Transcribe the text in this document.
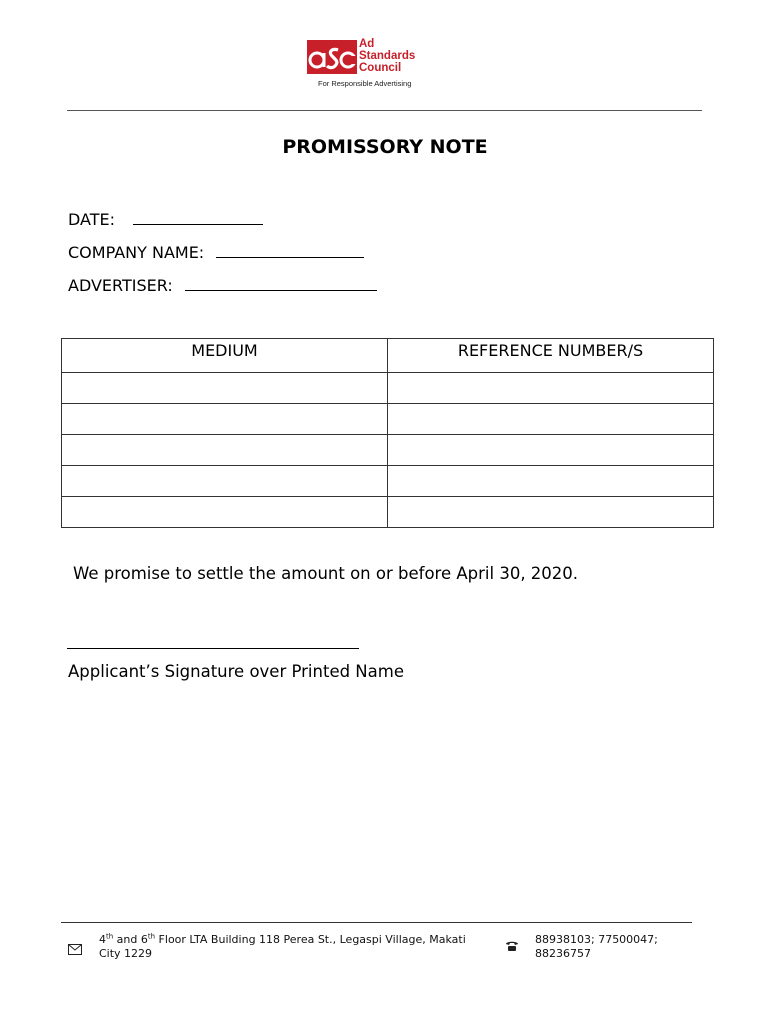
Ad
Standards
Council
For Responsible Advertising
PROMISSORY NOTE
DATE:
COMPANY NAME:
ADVERTISER:
MEDIUM	REFERENCE NUMBER/S

We promise to settle the amount on or before April 30, 2020.
Applicant’s Signature over Printed Name
4th and 6th Floor LTA Building 118 Perea St., Legaspi Village, Makati
City 1229
88938103; 77500047;
88236757
